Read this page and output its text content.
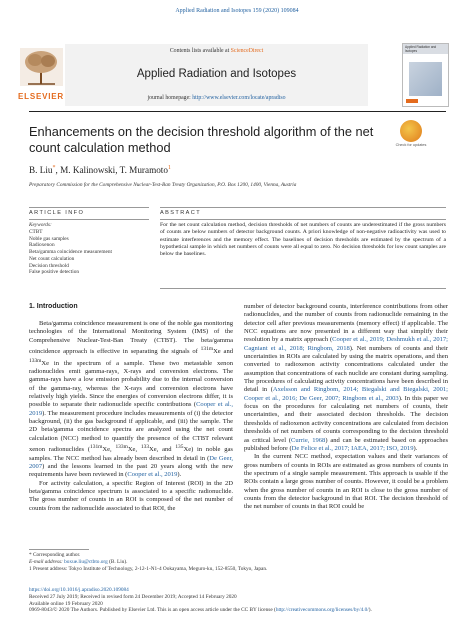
Applied Radiation and Isotopes 159 (2020) 109084
ELSEVIER
Contents lists available at ScienceDirect
Applied Radiation and Isotopes
journal homepage: http://www.elsevier.com/locate/apradiso
Applied Radiation and Isotopes
Enhancements on the decision threshold algorithm of the net count calculation method	Check for updates
B. Liu*, M. Kalinowski, T. Muramoto$^1$
Preparatory Commission for the Comprehensive Nuclear-Test-Ban Treaty Organization, P.O. Box 1200, 1400, Vienna, Austria
ARTICLE INFO	ABSTRACT
Keywords:
CTBT
Noble gas samples
Radioxenon
Beta/gamma coincidence measurement
Net count calculation
Decision threshold
False positive detection
For the net count calculation method, decision thresholds of net numbers of counts are underestimated if the gross numbers of counts are below numbers of detector background counts. A priori knowledge of non-negative radioactivity was used to estimate interferences and the memory effect. The baselines of decision thresholds are estimated by the spectrum of a hypothetical sample in which net numbers of counts were all equal to zero. No decision thresholds for low count samples are below the baselines.
1. Introduction

Beta/gamma coincidence measurement is one of the noble gas monitoring technologies of the International Monitoring System (IMS) of the Comprehensive Nuclear-Test-Ban Treaty (CTBT). The beta/gamma coincidence approach is effective in separating the signals of $^{131m}$Xe and $^{133m}$Xe in the spectrum of a sample. These two metastable xenon radionuclides emit gamma-rays, X-rays and conversion electrons. The gamma-rays have a low emission probability due to the internal conversion of the gamma-ray, whereas the X-rays and conversion electrons have relatively high yields. Since the energies of conversion electrons differ, it is possible to separate their radionuclide specific contributions (Cooper et al., 2019). The measurement procedure includes measurements of (i) the detector background, (ii) the gas background if applicable, and (iii) the sample. The 2D beta/gamma coincidence spectra are analyzed using the net count calculation (NCC) method to quantify the presence of the CTBT relevant xenon radionuclides ($^{131m}$Xe, $^{133m}$Xe, $^{133}$Xe, and $^{135}$Xe) in noble gas samples. The NCC method has already been described in detail in (De Geer, 2007) and the lessons learned in the past 20 years along with the new requirements have been reviewed in (Cooper et al., 2019).

For activity calculation, a specific Region of Interest (ROI) in the 2D beta/gamma coincidence spectrum is associated to a specific radionuclide. The gross number of counts in an ROI is composed of the net number of counts from the radionuclide associated to that ROI, the

number of detector background counts, interference contributions from other radionuclides, and the number of counts from radionuclide remaining in the detector cell after previous measurements (memory effect) if applicable. The NCC equations are now presented in a different way that simplify their resolution by a matrix approach (Cooper et al., 2019; Deshmukh et al., 2017; Cagniant et al., 2018; Ringbom, 2018). Net numbers of counts and their uncertainties in ROIs are calculated by using the matrix operations, and then converted to radioxenon activity concentrations calculated under the assumption that concentrations of each nuclide are constant during sampling. The procedures of calculating activity concentrations have been described in detail in (Axelsson and Ringbom, 2014; Biegalski and Biegalski, 2001; Cooper et al., 2016; De Geer, 2007; Ringbom et al., 2003). In this paper we focus on the procedures for calculating net numbers of counts, their uncertainties, and their associated decision thresholds. The decision thresholds of radioxenon activity concentrations are calculated from decision thresholds of net numbers of counts corresponding to the decision threshold as critical level (Currie, 1968) and can be estimated based on approaches published before (De Felice et al., 2017; IAEA, 2017; ISO, 2019).

In the current NCC method, expectation values and their variances of gross numbers of counts in ROIs are estimated as gross numbers of counts in the spectrum of a single sample measurement. This approach is usable if the ROIs contain a large gross number of counts. However, it could be a problem when the gross number of counts in an ROI is close to the gross number of counts from the detector background in that ROI. The decision threshold of the net number of counts in that ROI could be

* Corresponding author.
E-mail address: boxue.liu@ctbto.org (B. Liu).
1 Present address: Tokyo Institute of Technology, 2-12-1-N1-4 Ookayama, Meguro-ku, 152-8550, Tokyo, Japan.
https://doi.org/10.1016/j.apradiso.2020.109084
Received 27 July 2019; Received in revised form 24 December 2019; Accepted 14 February 2020
Available online 19 February 2020
0969-8043/© 2020 The Authors. Published by Elsevier Ltd. This is an open access article under the CC BY license (http://creativecommons.org/licenses/by/4.0/).
